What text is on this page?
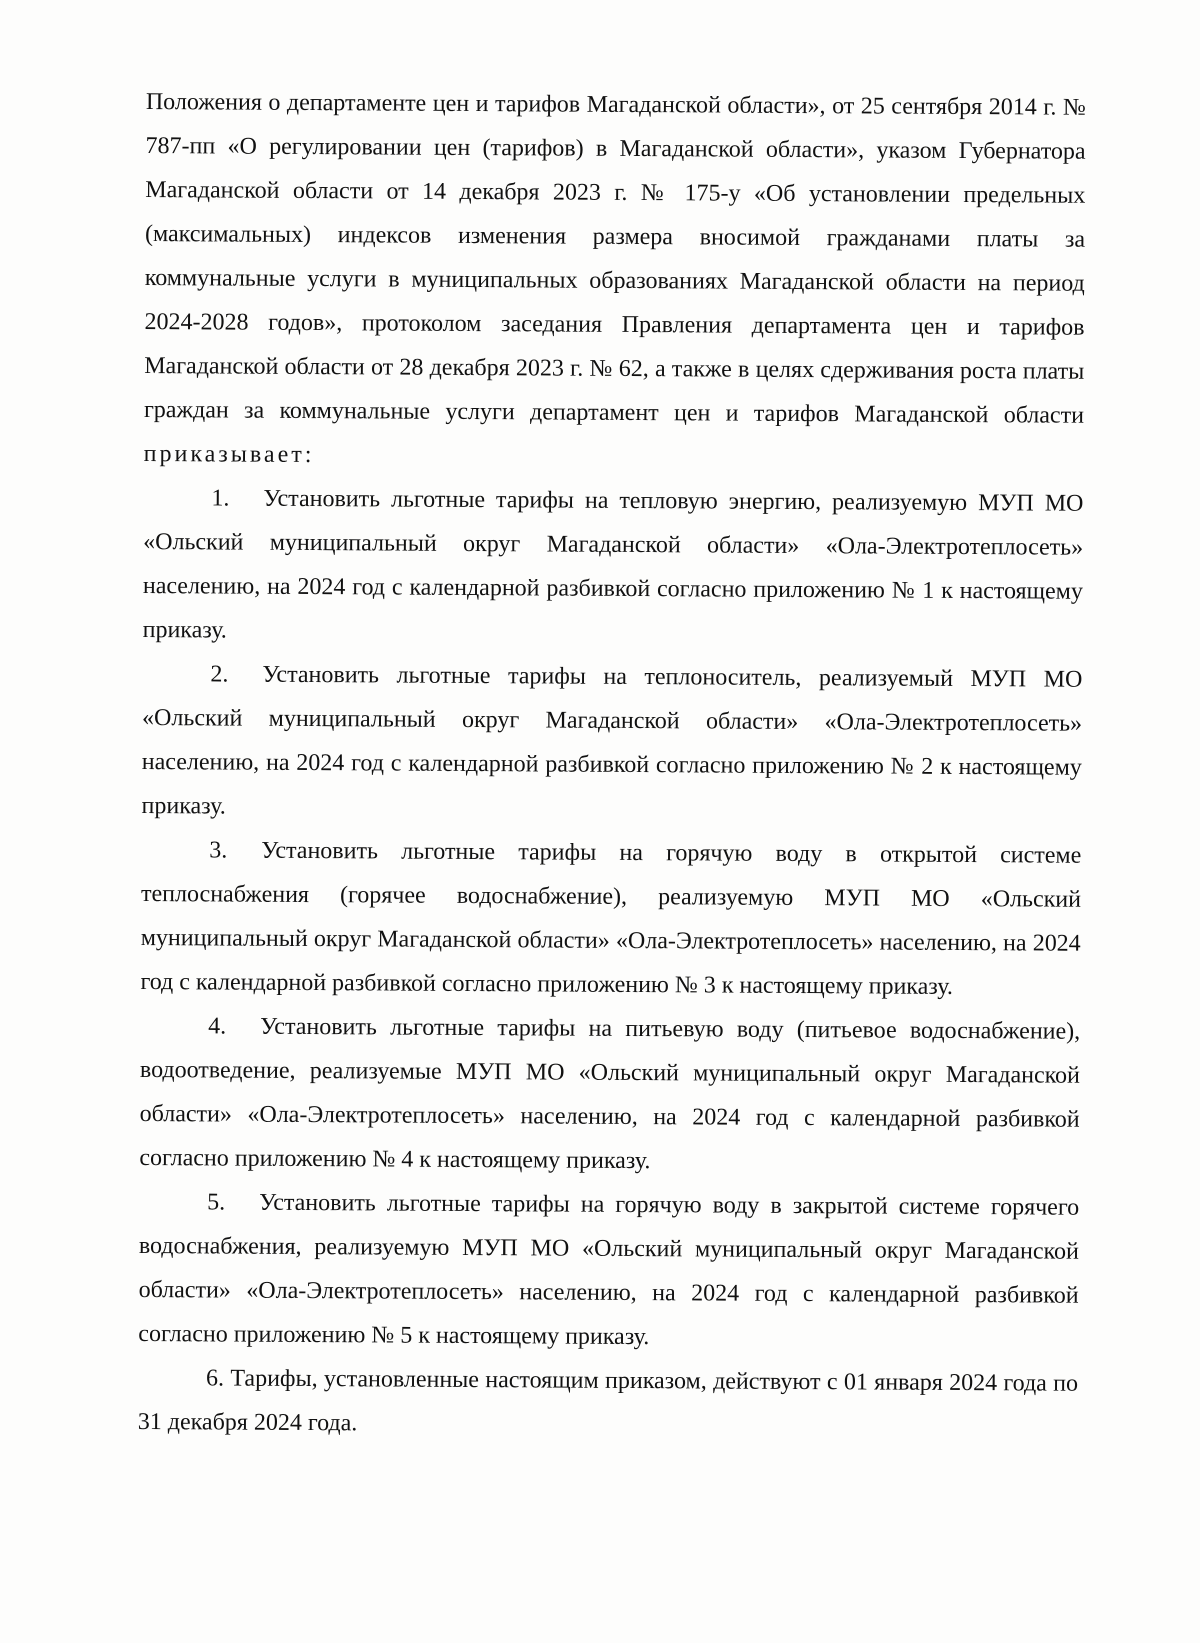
Положения о департаменте цен и тарифов Магаданской области», от 25 сентября 2014 г. № 787-пп «О регулировании цен (тарифов) в Магаданской области», указом Губернатора Магаданской области от 14 декабря 2023 г. № 175-у «Об установлении предельных (максимальных) индексов изменения размера вносимой гражданами платы за коммунальные услуги в муниципальных образованиях Магаданской области на период 2024-2028 годов», протоколом заседания Правления департамента цен и тарифов Магаданской области от 28 декабря 2023 г. № 62, а также в целях сдерживания роста платы граждан за коммунальные услуги департамент цен и тарифов Магаданской области приказывает:

1. Установить льготные тарифы на тепловую энергию, реализуемую МУП МО «Ольский муниципальный округ Магаданской области» «Ола-Электротеплосеть» населению, на 2024 год с календарной разбивкой согласно приложению № 1 к настоящему приказу.

2. Установить льготные тарифы на теплоноситель, реализуемый МУП МО «Ольский муниципальный округ Магаданской области» «Ола-Электротеплосеть» населению, на 2024 год с календарной разбивкой согласно приложению № 2 к настоящему приказу.

3. Установить льготные тарифы на горячую воду в открытой системе теплоснабжения (горячее водоснабжение), реализуемую МУП МО «Ольский муниципальный округ Магаданской области» «Ола-Электротеплосеть» населению, на 2024 год с календарной разбивкой согласно приложению № 3 к настоящему приказу.

4. Установить льготные тарифы на питьевую воду (питьевое водоснабжение), водоотведение, реализуемые МУП МО «Ольский муниципальный округ Магаданской области» «Ола-Электротеплосеть» населению, на 2024 год с календарной разбивкой согласно приложению № 4 к настоящему приказу.

5. Установить льготные тарифы на горячую воду в закрытой системе горячего водоснабжения, реализуемую МУП МО «Ольский муниципальный округ Магаданской области» «Ола-Электротеплосеть» населению, на 2024 год с календарной разбивкой согласно приложению № 5 к настоящему приказу.

6. Тарифы, установленные настоящим приказом, действуют с 01 января 2024 года по 31 декабря 2024 года.
